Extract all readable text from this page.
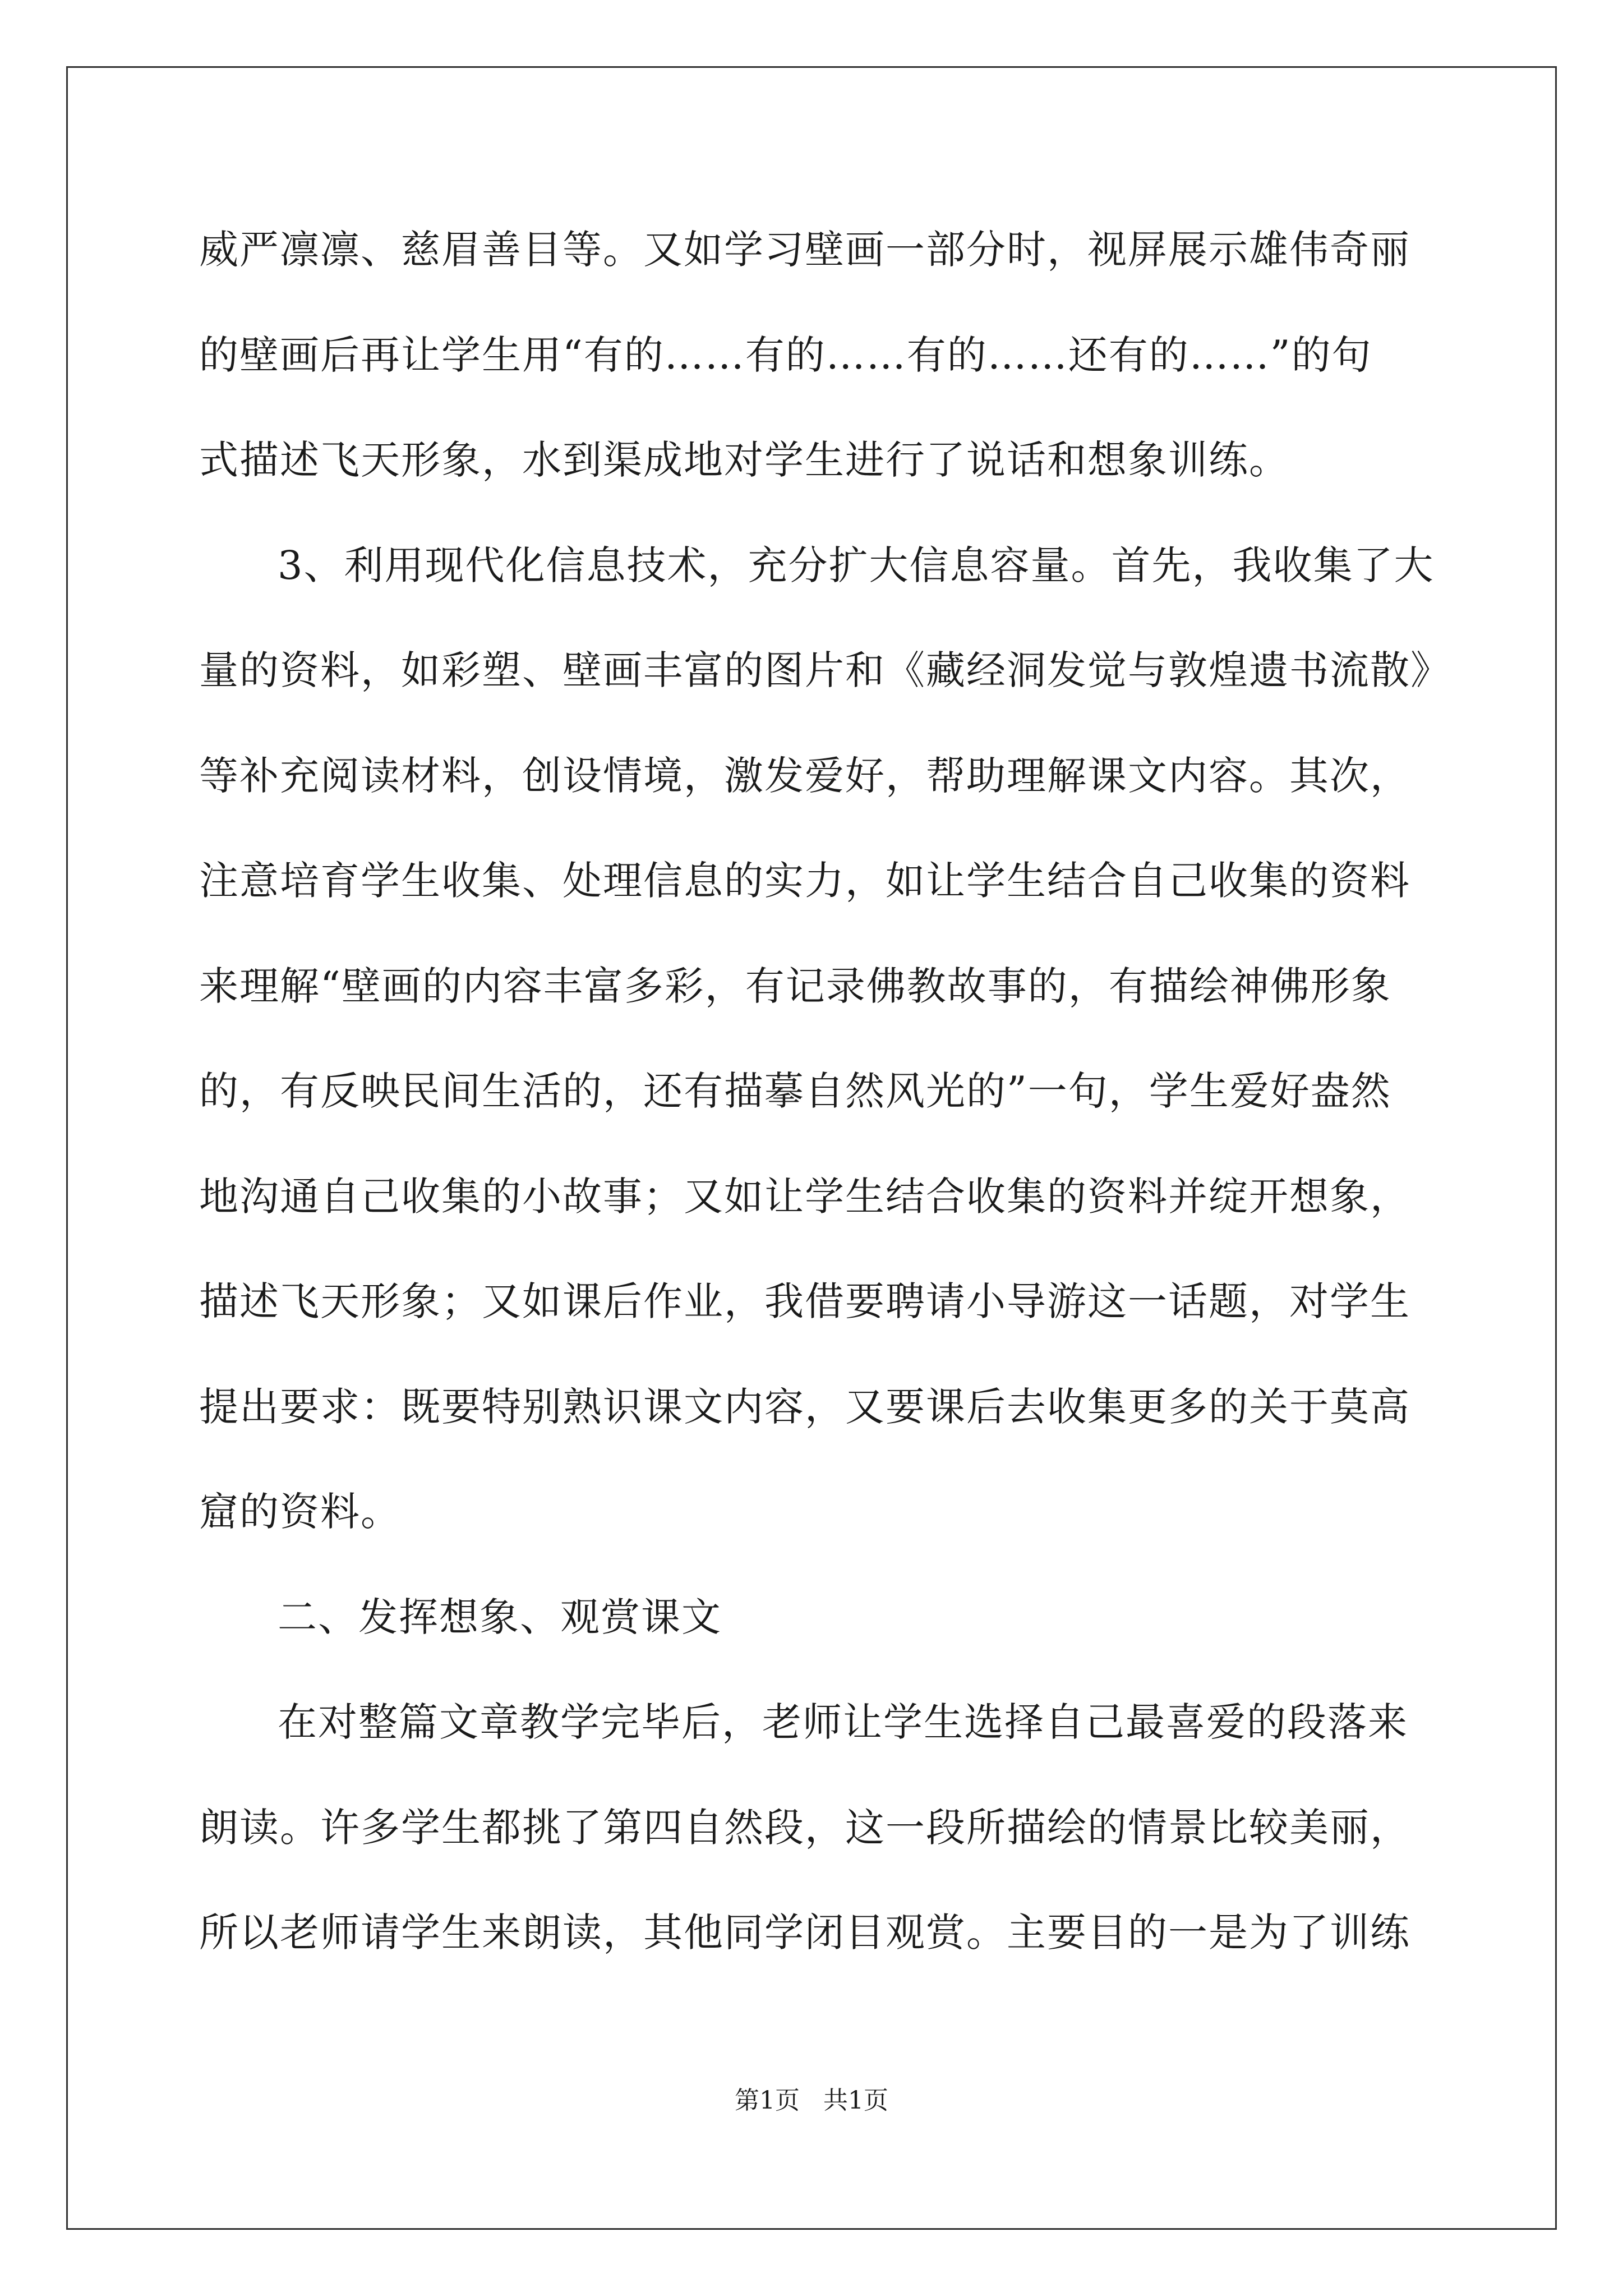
威严凛凛、慈眉善目等。又如学习壁画一部分时，视屏展示雄伟奇丽
的壁画后再让学生用“有的……有的……有的……还有的……”的句
式描述飞天形象，水到渠成地对学生进行了说话和想象训练。
3、利用现代化信息技术，充分扩大信息容量。首先，我收集了大
量的资料，如彩塑、壁画丰富的图片和《藏经洞发觉与敦煌遗书流散》
等补充阅读材料，创设情境，激发爱好，帮助理解课文内容。其次，
注意培育学生收集、处理信息的实力，如让学生结合自己收集的资料
来理解“壁画的内容丰富多彩，有记录佛教故事的，有描绘神佛形象
的，有反映民间生活的，还有描摹自然风光的”一句，学生爱好盎然
地沟通自己收集的小故事；又如让学生结合收集的资料并绽开想象，
描述飞天形象；又如课后作业，我借要聘请小导游这一话题，对学生
提出要求：既要特别熟识课文内容，又要课后去收集更多的关于莫高
窟的资料。
二、发挥想象、观赏课文
在对整篇文章教学完毕后，老师让学生选择自己最喜爱的段落来
朗读。许多学生都挑了第四自然段，这一段所描绘的情景比较美丽，
所以老师请学生来朗读，其他同学闭目观赏。主要目的一是为了训练
第1页   共1页
